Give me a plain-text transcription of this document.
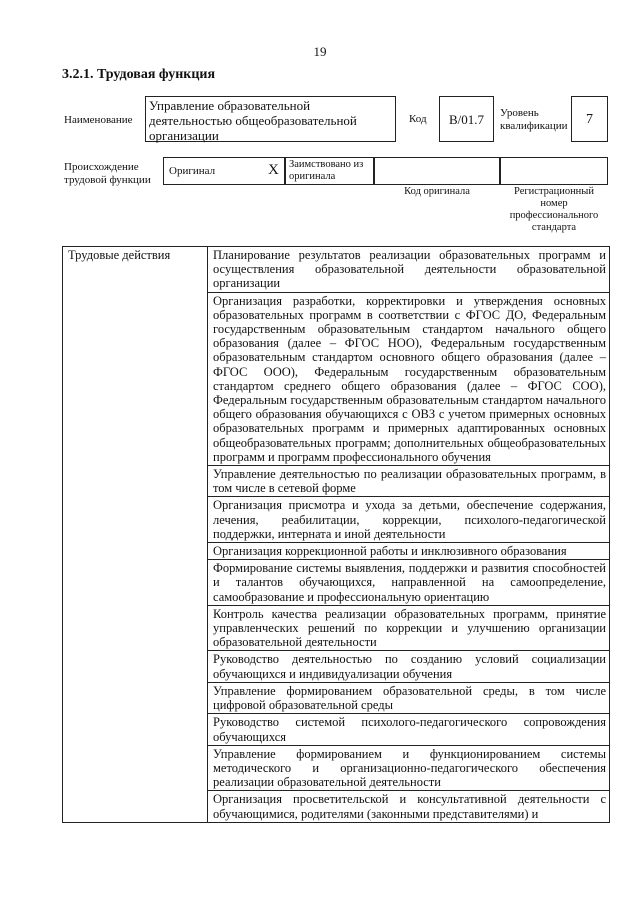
19
3.2.1. Трудовая функция
Наименование
Управление образовательной деятельностью общеобразовательной организации
Код	В/01.7	Уровень квалификации	7
Происхождение трудовой функции
Оригинал	X Заимствовано из оригинала
Код оригинала	Регистрационный номер профессионального стандарта
Трудовые действия	Планирование результатов реализации образовательных программ и осуществления образовательной деятельности образовательной организации
Организация разработки, корректировки и утверждения основных образовательных программ в соответствии с ФГОС ДО, Федеральным государственным образовательным стандартом начального общего образования (далее – ФГОС НОО), Федеральным государственным образовательным стандартом основного общего образования (далее – ФГОС ООО), Федеральным государственным образовательным стандартом среднего общего образования (далее – ФГОС СОО), Федеральным государственным образовательным стандартом начального общего образования обучающихся с ОВЗ с учетом примерных основных образовательных программ и примерных адаптированных основных общеобразовательных программ; дополнительных общеобразовательных программ и программ профессионального обучения
Управление деятельностью по реализации образовательных программ, в том числе в сетевой форме
Организация присмотра и ухода за детьми, обеспечение содержания, лечения, реабилитации, коррекции, психолого-педагогической поддержки, интерната и иной деятельности
Организация коррекционной работы и инклюзивного образования
Формирование системы выявления, поддержки и развития способностей и талантов обучающихся, направленной на самоопределение, самообразование и профессиональную ориентацию
Контроль качества реализации образовательных программ, принятие управленческих решений по коррекции и улучшению организации образовательной деятельности
Руководство деятельностью по созданию условий социализации обучающихся и индивидуализации обучения
Управление формированием образовательной среды, в том числе цифровой образовательной среды
Руководство системой психолого-педагогического сопровождения обучающихся
Управление формированием и функционированием системы методического и организационно-педагогического обеспечения реализации образовательной деятельности
Организация просветительской и консультативной деятельности с обучающимися, родителями (законными представителями) и
